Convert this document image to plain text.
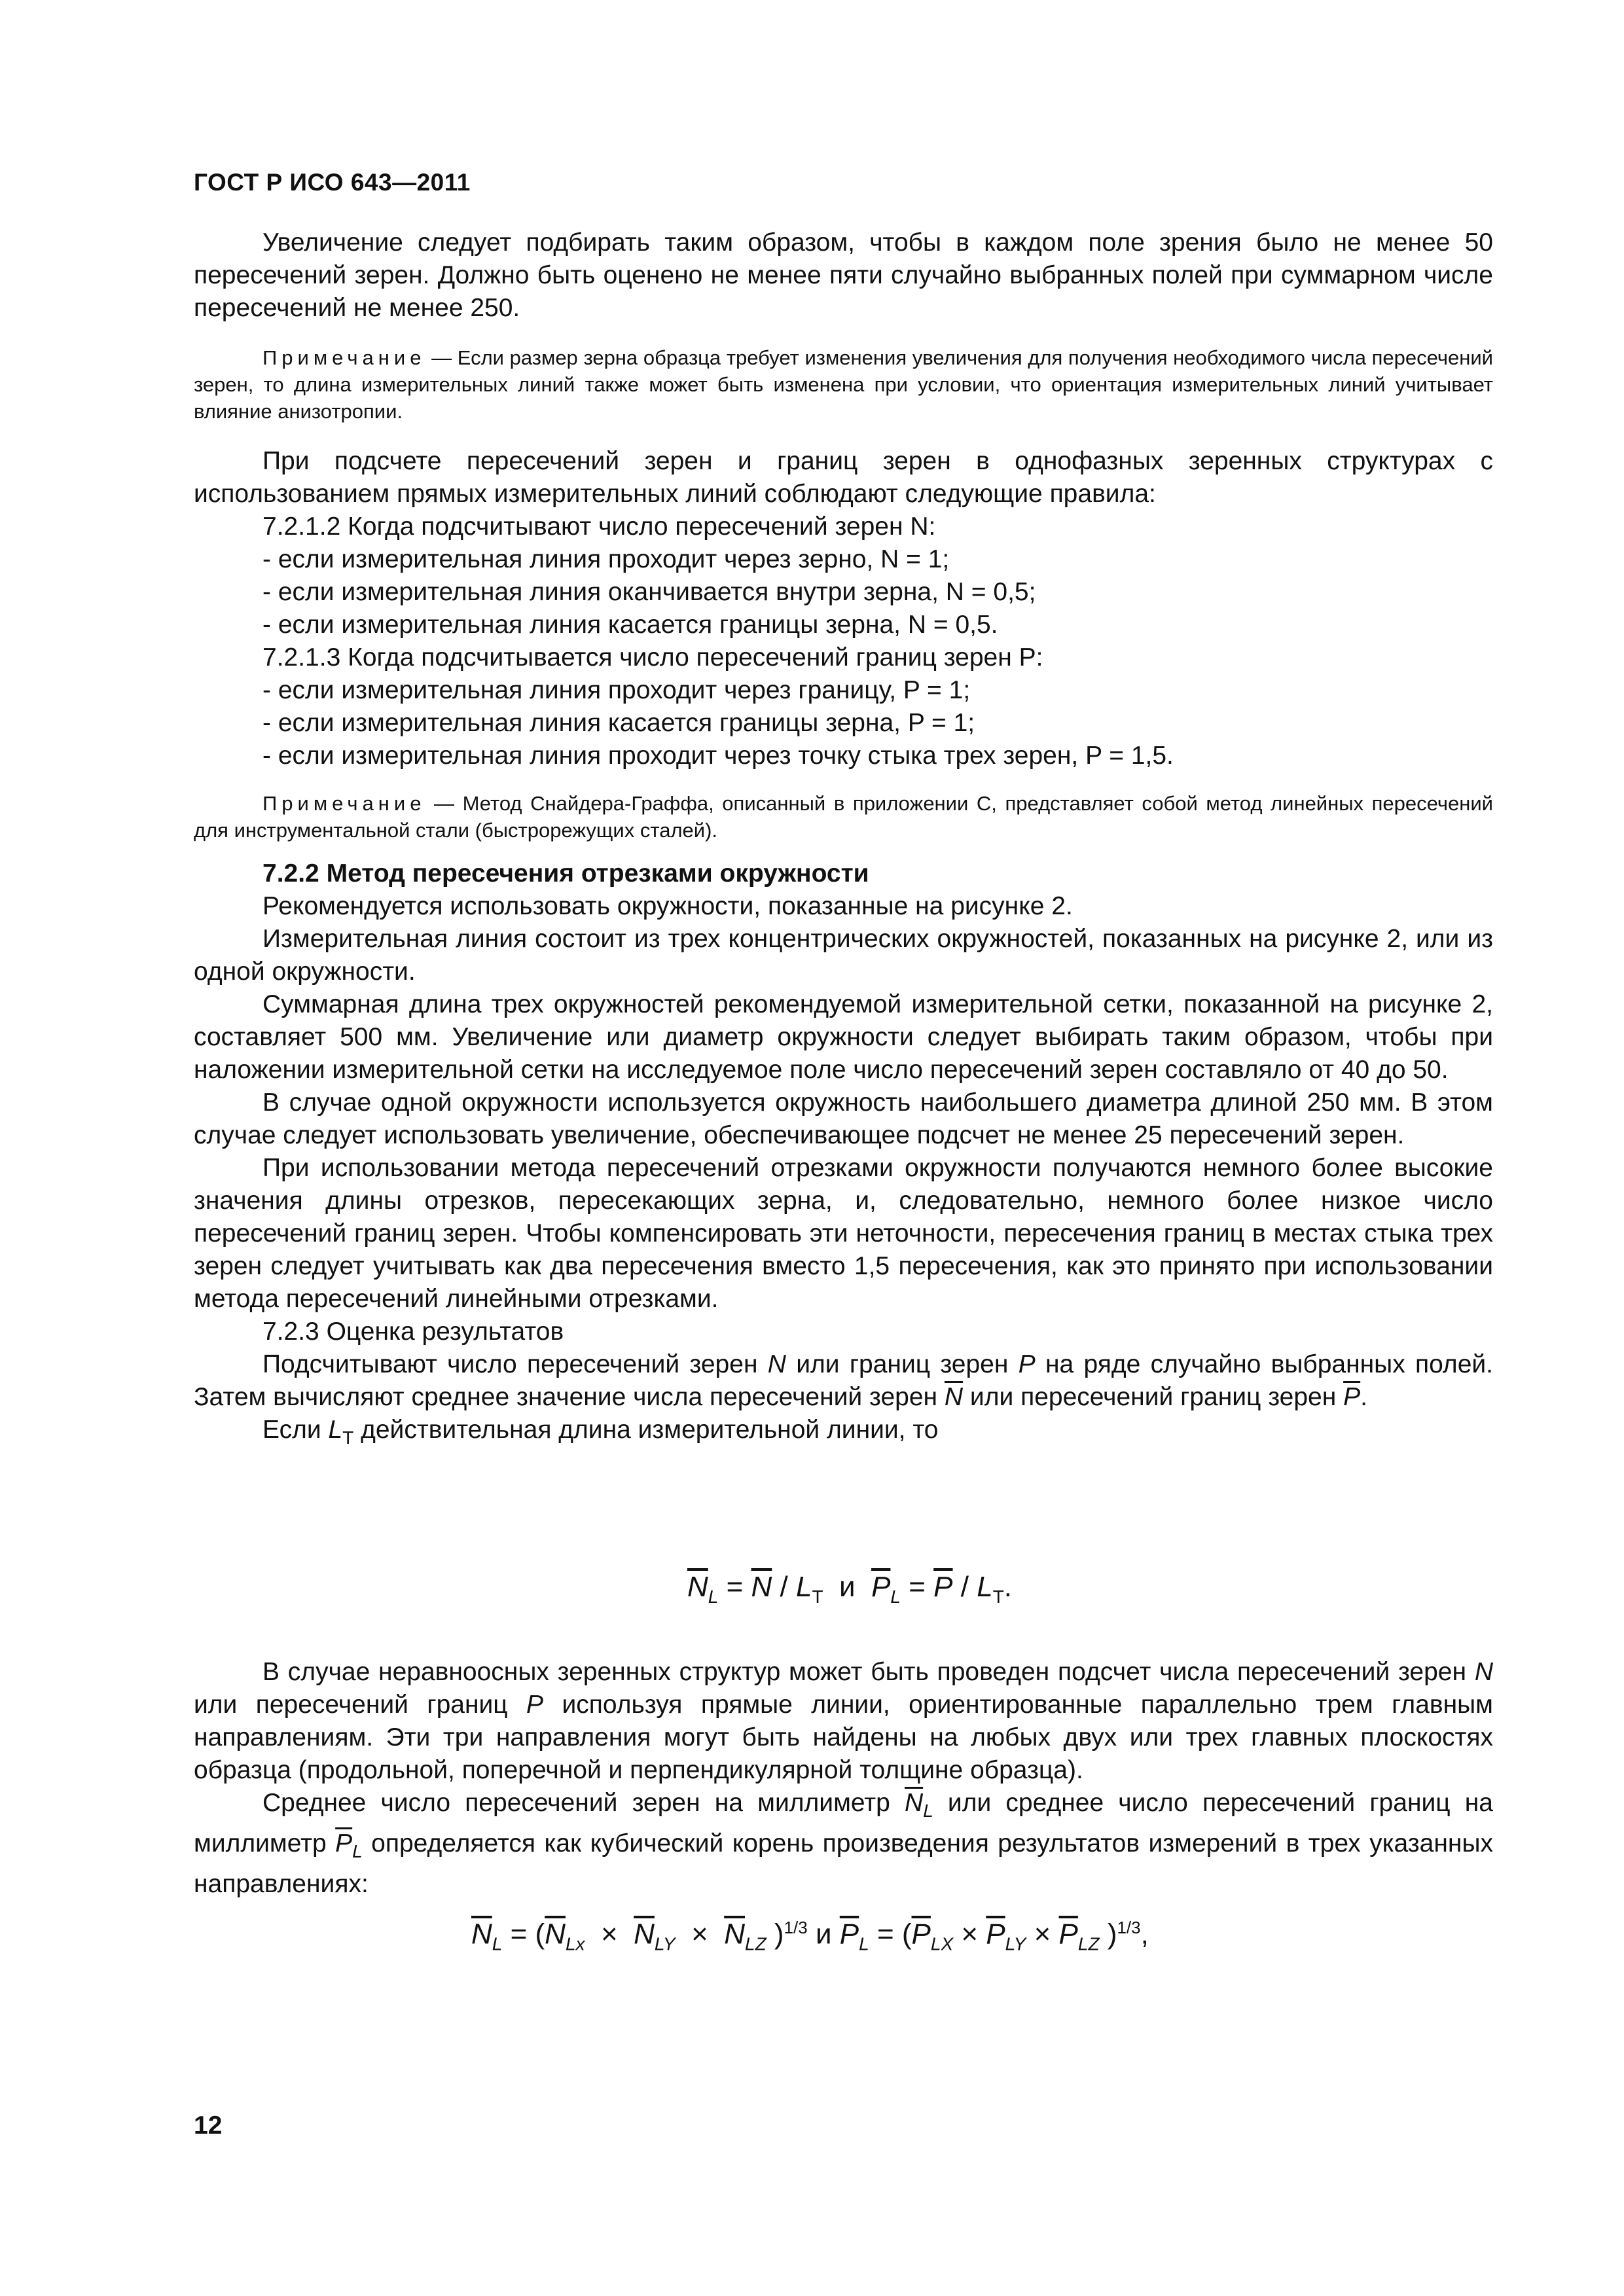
ГОСТ Р ИСО 643—2011

Увеличение следует подбирать таким образом, чтобы в каждом поле зрения было не менее 50 пересечений зерен. Должно быть оценено не менее пяти случайно выбранных полей при суммарном числе пересечений не менее 250.

Примечание — Если размер зерна образца требует изменения увеличения для получения необходимого числа пересечений зерен, то длина измерительных линий также может быть изменена при условии, что ориентация измерительных линий учитывает влияние анизотропии.

При подсчете пересечений зерен и границ зерен в однофазных зеренных структурах с использованием прямых измерительных линий соблюдают следующие правила:

7.2.1.2 Когда подсчитывают число пересечений зерен N:

- если измерительная линия проходит через зерно, N = 1;

- если измерительная линия оканчивается внутри зерна, N = 0,5;

- если измерительная линия касается границы зерна, N = 0,5.

7.2.1.3 Когда подсчитывается число пересечений границ зерен P:

- если измерительная линия проходит через границу, P = 1;

- если измерительная линия касается границы зерна, P = 1;

- если измерительная линия проходит через точку стыка трех зерен, P = 1,5.

Примечание — Метод Снайдера-Граффа, описанный в приложении С, представляет собой метод линейных пересечений для инструментальной стали (быстрорежущих сталей).

7.2.2 Метод пересечения отрезками окружности

Рекомендуется использовать окружности, показанные на рисунке 2.

Измерительная линия состоит из трех концентрических окружностей, показанных на рисунке 2, или из одной окружности.

Суммарная длина трех окружностей рекомендуемой измерительной сетки, показанной на рисунке 2, составляет 500 мм. Увеличение или диаметр окружности следует выбирать таким образом, чтобы при наложении измерительной сетки на исследуемое поле число пересечений зерен составляло от 40 до 50.

В случае одной окружности используется окружность наибольшего диаметра длиной 250 мм. В этом случае следует использовать увеличение, обеспечивающее подсчет не менее 25 пересечений зерен.

При использовании метода пересечений отрезками окружности получаются немного более высокие значения длины отрезков, пересекающих зерна, и, следовательно, немного более низкое число пересечений границ зерен. Чтобы компенсировать эти неточности, пересечения границ в местах стыка трех зерен следует учитывать как два пересечения вместо 1,5 пересечения, как это принято при использовании метода пересечений линейными отрезками.

7.2.3 Оценка результатов

Подсчитывают число пересечений зерен N или границ зерен P на ряде случайно выбранных полей. Затем вычисляют среднее значение числа пересечений зерен $\overline{N}$ или пересечений границ зерен $\overline{P}$.

Если $L_T$ действительная длина измерительной линии, то

$\overline{N}_L = \overline{N} / L_T$ и $\overline{P}_L = \overline{P} / L_T$.

В случае неравноосных зеренных структур может быть проведен подсчет числа пересечений зерен N или пересечений границ P используя прямые линии, ориентированные параллельно трем главным направлениям. Эти три направления могут быть найдены на любых двух или трех главных плоскостях образца (продольной, поперечной и перпендикулярной толщине образца).

Среднее число пересечений зерен на миллиметр $\overline{N}_L$ или среднее число пересечений границ на миллиметр $\overline{P}_L$ определяется как кубический корень произведения результатов измерений в трех указанных направлениях:

$\overline{N}_L = (\overline{N}_{Lx} \times \overline{N}_{LY} \times \overline{N}_{LZ}$ )$^{1/3}$ и $\overline{P}_L = (\overline{P}_{LX} \times \overline{P}_{LY} \times \overline{P}_{LZ}$ )$^{1/3}$,
12
